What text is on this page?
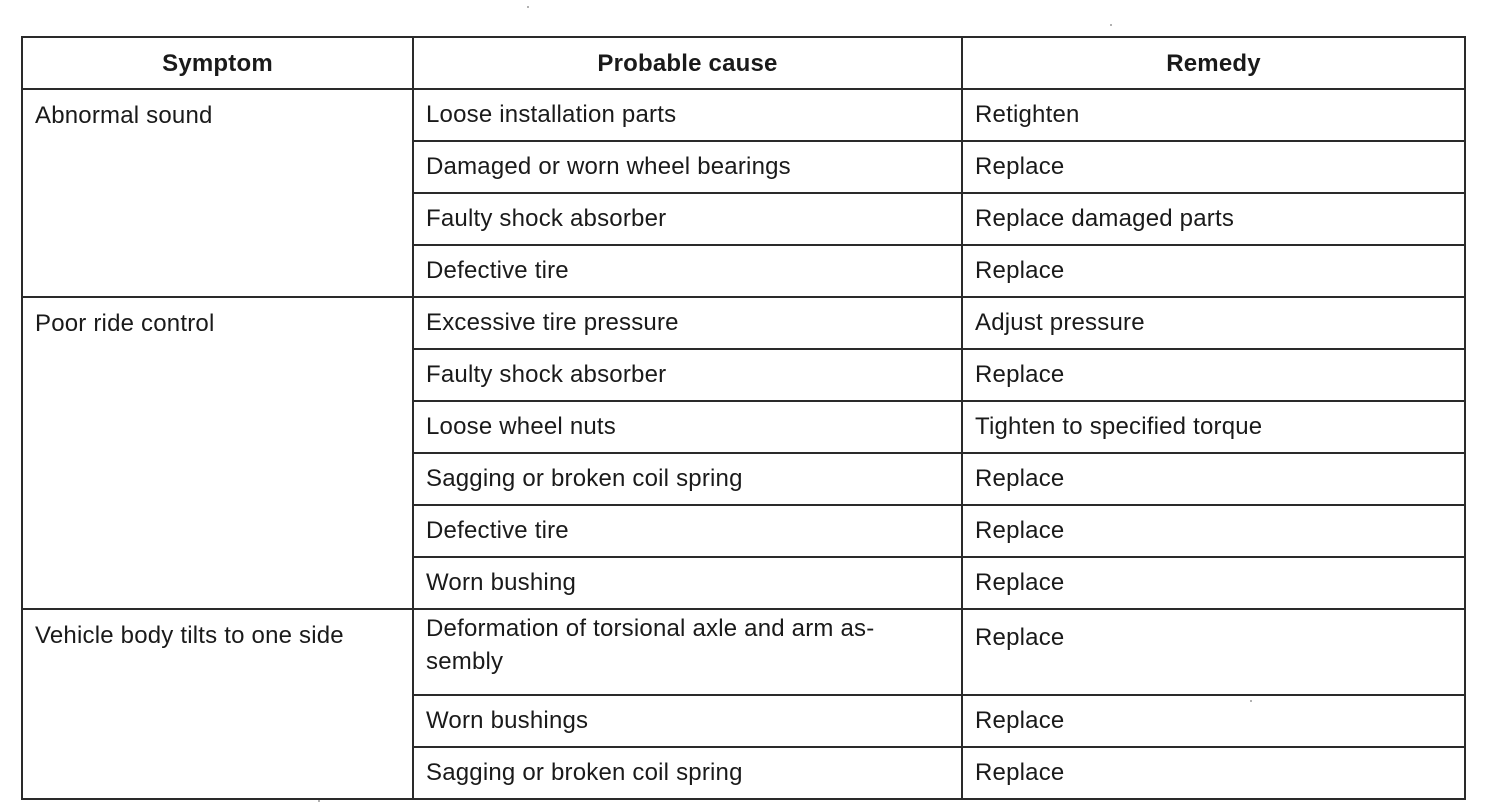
Symptom	Probable cause	Remedy
Abnormal sound	Loose installation parts	Retighten
	Damaged or worn wheel bearings	Replace
	Faulty shock absorber	Replace damaged parts
	Defective tire	Replace
Poor ride control	Excessive tire pressure	Adjust pressure
	Faulty shock absorber	Replace
	Loose wheel nuts	Tighten to specified torque
	Sagging or broken coil spring	Replace
	Defective tire	Replace
	Worn bushing	Replace
Vehicle body tilts to one side	Deformation of torsional axle and arm as-sembly	Replace
	Worn bushings	Replace
	Sagging or broken coil spring	Replace
